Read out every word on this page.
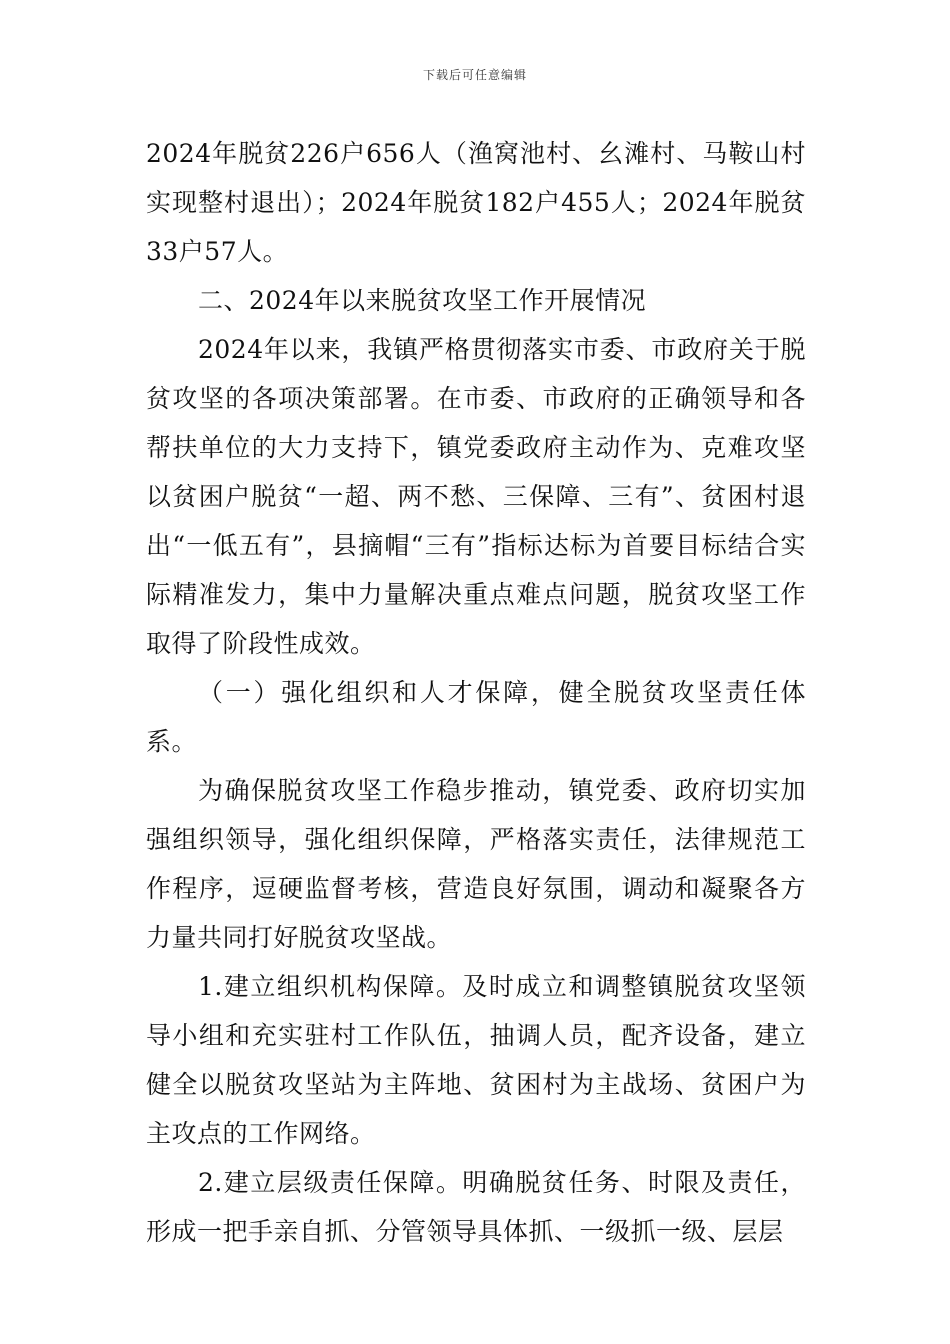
下载后可任意编辑

2024年脱贫226户656人（渔窝池村、幺滩村、马鞍山村实现整村退出）；2024年脱贫182户455人；2024年脱贫33户57人。

二、2024年以来脱贫攻坚工作开展情况

2024年以来，我镇严格贯彻落实市委、市政府关于脱贫攻坚的各项决策部署。在市委、市政府的正确领导和各帮扶单位的大力支持下，镇党委政府主动作为、克难攻坚以贫困户脱贫“一超、两不愁、三保障、三有”、贫困村退出“一低五有”，县摘帽“三有”指标达标为首要目标结合实际精准发力，集中力量解决重点难点问题，脱贫攻坚工作取得了阶段性成效。

（一）强化组织和人才保障，健全脱贫攻坚责任体系。

为确保脱贫攻坚工作稳步推动，镇党委、政府切实加强组织领导，强化组织保障，严格落实责任，法律规范工作程序，逗硬监督考核，营造良好氛围，调动和凝聚各方力量共同打好脱贫攻坚战。

1.建立组织机构保障。及时成立和调整镇脱贫攻坚领导小组和充实驻村工作队伍，抽调人员，配齐设备，建立健全以脱贫攻坚站为主阵地、贫困村为主战场、贫困户为主攻点的工作网络。

2.建立层级责任保障。明确脱贫任务、时限及责任，形成一把手亲自抓、分管领导具体抓、一级抓一级、层层
